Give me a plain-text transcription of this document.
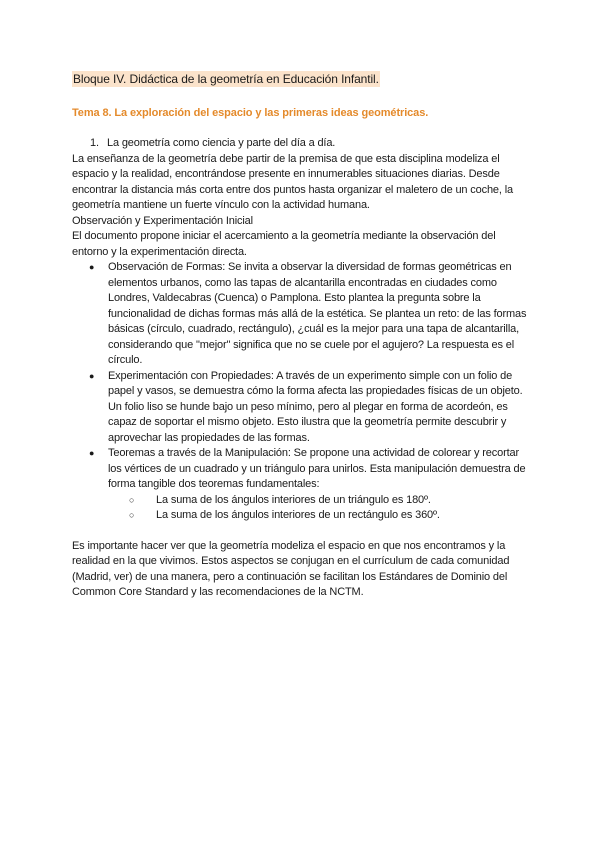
Bloque IV. Didáctica de la geometría en Educación Infantil.
Tema 8. La exploración del espacio y las primeras ideas geométricas.
1. La geometría como ciencia y parte del día a día.

La enseñanza de la geometría debe partir de la premisa de que esta disciplina modeliza el espacio y la realidad, encontrándose presente en innumerables situaciones diarias. Desde encontrar la distancia más corta entre dos puntos hasta organizar el maletero de un coche, la geometría mantiene un fuerte vínculo con la actividad humana.

Observación y Experimentación Inicial

El documento propone iniciar el acercamiento a la geometría mediante la observación del entorno y la experimentación directa.

● Observación de Formas: Se invita a observar la diversidad de formas geométricas en elementos urbanos, como las tapas de alcantarilla encontradas en ciudades como Londres, Valdecabras (Cuenca) o Pamplona. Esto plantea la pregunta sobre la funcionalidad de dichas formas más allá de la estética. Se plantea un reto: de las formas básicas (círculo, cuadrado, rectángulo), ¿cuál es la mejor para una tapa de alcantarilla, considerando que "mejor" significa que no se cuele por el agujero? La respuesta es el círculo.
● Experimentación con Propiedades: A través de un experimento simple con un folio de papel y vasos, se demuestra cómo la forma afecta las propiedades físicas de un objeto. Un folio liso se hunde bajo un peso mínimo, pero al plegar en forma de acordeón, es capaz de soportar el mismo objeto. Esto ilustra que la geometría permite descubrir y aprovechar las propiedades de las formas.
● Teoremas a través de la Manipulación: Se propone una actividad de colorear y recortar los vértices de un cuadrado y un triángulo para unirlos. Esta manipulación demuestra de forma tangible dos teoremas fundamentales:
○ La suma de los ángulos interiores de un triángulo es 180º.
○ La suma de los ángulos interiores de un rectángulo es 360º.

Es importante hacer ver que la geometría modeliza el espacio en que nos encontramos y la realidad en la que vivimos. Estos aspectos se conjugan en el currículum de cada comunidad (Madrid, ver) de una manera, pero a continuación se facilitan los Estándares de Dominio del Common Core Standard y las recomendaciones de la NCTM.
